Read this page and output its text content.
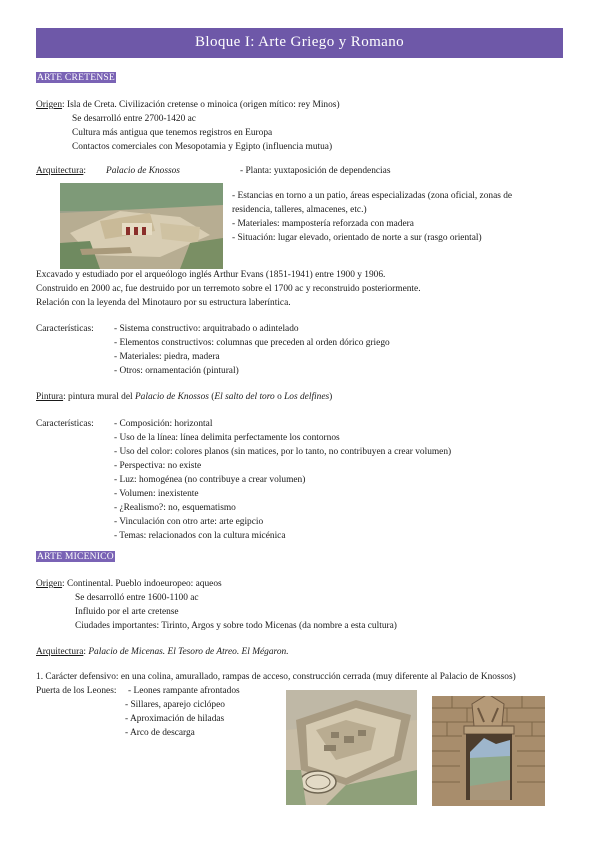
Bloque I: Arte Griego y Romano
ARTE CRETENSE
Origen: Isla de Creta. Civilización cretense o minoica (origen mítico: rey Minos)
Se desarrolló entre 2700-1420 ac
Cultura más antigua que tenemos registros en Europa
Contactos comerciales con Mesopotamia y Egipto (influencia mutua)
Arquitectura: Palacio de Knossos	- Planta: yuxtaposición de dependencias
- Estancias en torno a un patio, áreas especializadas (zona oficial, zonas de
residencia, talleres, almacenes, etc.)
- Materiales: mampostería reforzada con madera
- Situación: lugar elevado, orientado de norte a sur (rasgo oriental)
Excavado y estudiado por el arqueólogo inglés Arthur Evans (1851-1941) entre 1900 y 1906.
Construido en 2000 ac, fue destruido por un terremoto sobre el 1700 ac y reconstruido posteriormente.
Relación con la leyenda del Minotauro por su estructura laberíntica.
Características: - Sistema constructivo: arquitrabado o adintelado
- Elementos constructivos: columnas que preceden al orden dórico griego
- Materiales: piedra, madera
- Otros: ornamentación (pintural)
Pintura: pintura mural del Palacio de Knossos (El salto del toro o Los delfines)
Características: - Composición: horizontal
- Uso de la línea: línea delimita perfectamente los contornos
- Uso del color: colores planos (sin matices, por lo tanto, no contribuyen a crear volumen)
- Perspectiva: no existe
- Luz: homogénea (no contribuye a crear volumen)
- Volumen: inexistente
- ¿Realismo?: no, esquematismo
- Vinculación con otro arte: arte egipcio
- Temas: relacionados con la cultura micénica
ARTE MICENICO
Origen: Continental. Pueblo indoeuropeo: aqueos
Se desarrolló entre 1600-1100 ac
Influido por el arte cretense
Ciudades importantes: Tirinto, Argos y sobre todo Micenas (da nombre a esta cultura)
Arquitectura: Palacio de Micenas. El Tesoro de Atreo. El Mégaron.
1. Carácter defensivo: en una colina, amurallado, rampas de acceso, construcción cerrada (muy diferente al Palacio de Knossos)
Puerta de los Leones: - Leones rampante afrontados
- Sillares, aparejo ciclópeo
- Aproximación de hiladas
- Arco de descarga
